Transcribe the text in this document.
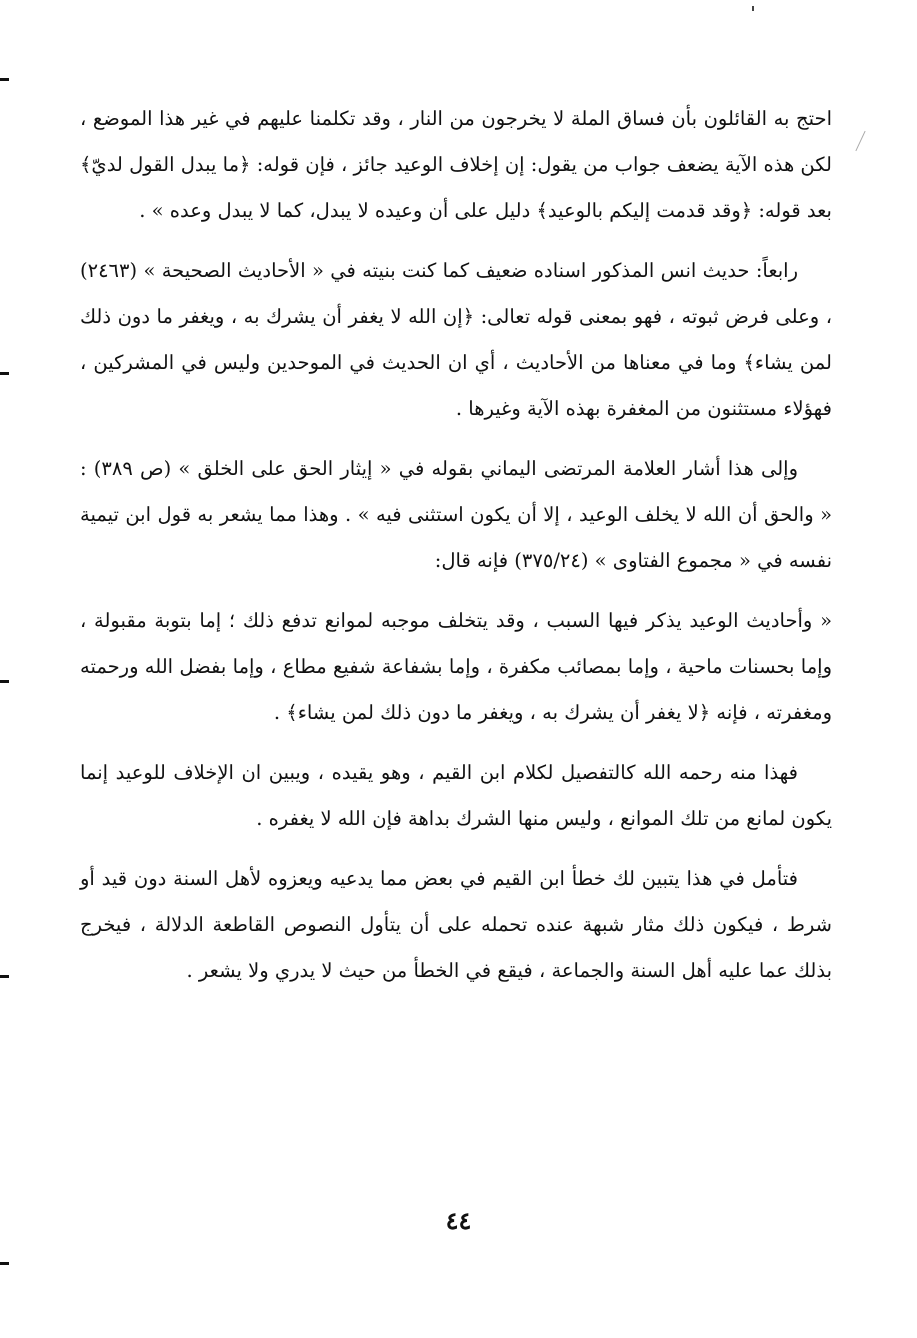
احتج به القائلون بأن فساق الملة لا يخرجون من النار ، وقد تكلمنا عليهم في غير هذا الموضع ، لكن هذه الآية يضعف جواب من يقول: إن إخلاف الوعيد جائز ، فإن قوله: ﴿ما يبدل القول لديّ﴾ بعد قوله: ﴿وقد قدمت إليكم بالوعيد﴾ دليل على أن وعيده لا يبدل، كما لا يبدل وعده » .

رابعاً: حديث انس المذكور اسناده ضعيف كما كنت بنيته في « الأحاديث الصحيحة » (٢٤٦٣) ، وعلى فرض ثبوته ، فهو بمعنى قوله تعالى: ﴿إن الله لا يغفر أن يشرك به ، ويغفر ما دون ذلك لمن يشاء﴾ وما في معناها من الأحاديث ، أي ان الحديث في الموحدين وليس في المشركين ، فهؤلاء مستثنون من المغفرة بهذه الآية وغيرها .

وإلى هذا أشار العلامة المرتضى اليماني بقوله في « إيثار الحق على الخلق » (ص ٣٨٩) : « والحق أن الله لا يخلف الوعيد ، إلا أن يكون استثنى فيه » . وهذا مما يشعر به قول ابن تيمية نفسه في « مجموع الفتاوى » (٣٧٥/٢٤) فإنه قال:

« وأحاديث الوعيد يذكر فيها السبب ، وقد يتخلف موجبه لموانع تدفع ذلك ؛ إما بتوبة مقبولة ، وإما بحسنات ماحية ، وإما بمصائب مكفرة ، وإما بشفاعة شفيع مطاع ، وإما بفضل الله ورحمته ومغفرته ، فإنه ﴿لا يغفر أن يشرك به ، ويغفر ما دون ذلك لمن يشاء﴾ .

فهذا منه رحمه الله كالتفصيل لكلام ابن القيم ، وهو يقيده ، ويبين ان الإخلاف للوعيد إنما يكون لمانع من تلك الموانع ، وليس منها الشرك بداهة فإن الله لا يغفره .

فتأمل في هذا يتبين لك خطأ ابن القيم في بعض مما يدعيه ويعزوه لأهل السنة دون قيد أو شرط ، فيكون ذلك مثار شبهة عنده تحمله على أن يتأول النصوص القاطعة الدلالة ، فيخرج بذلك عما عليه أهل السنة والجماعة ، فيقع في الخطأ من حيث لا يدري ولا يشعر .

٤٤
